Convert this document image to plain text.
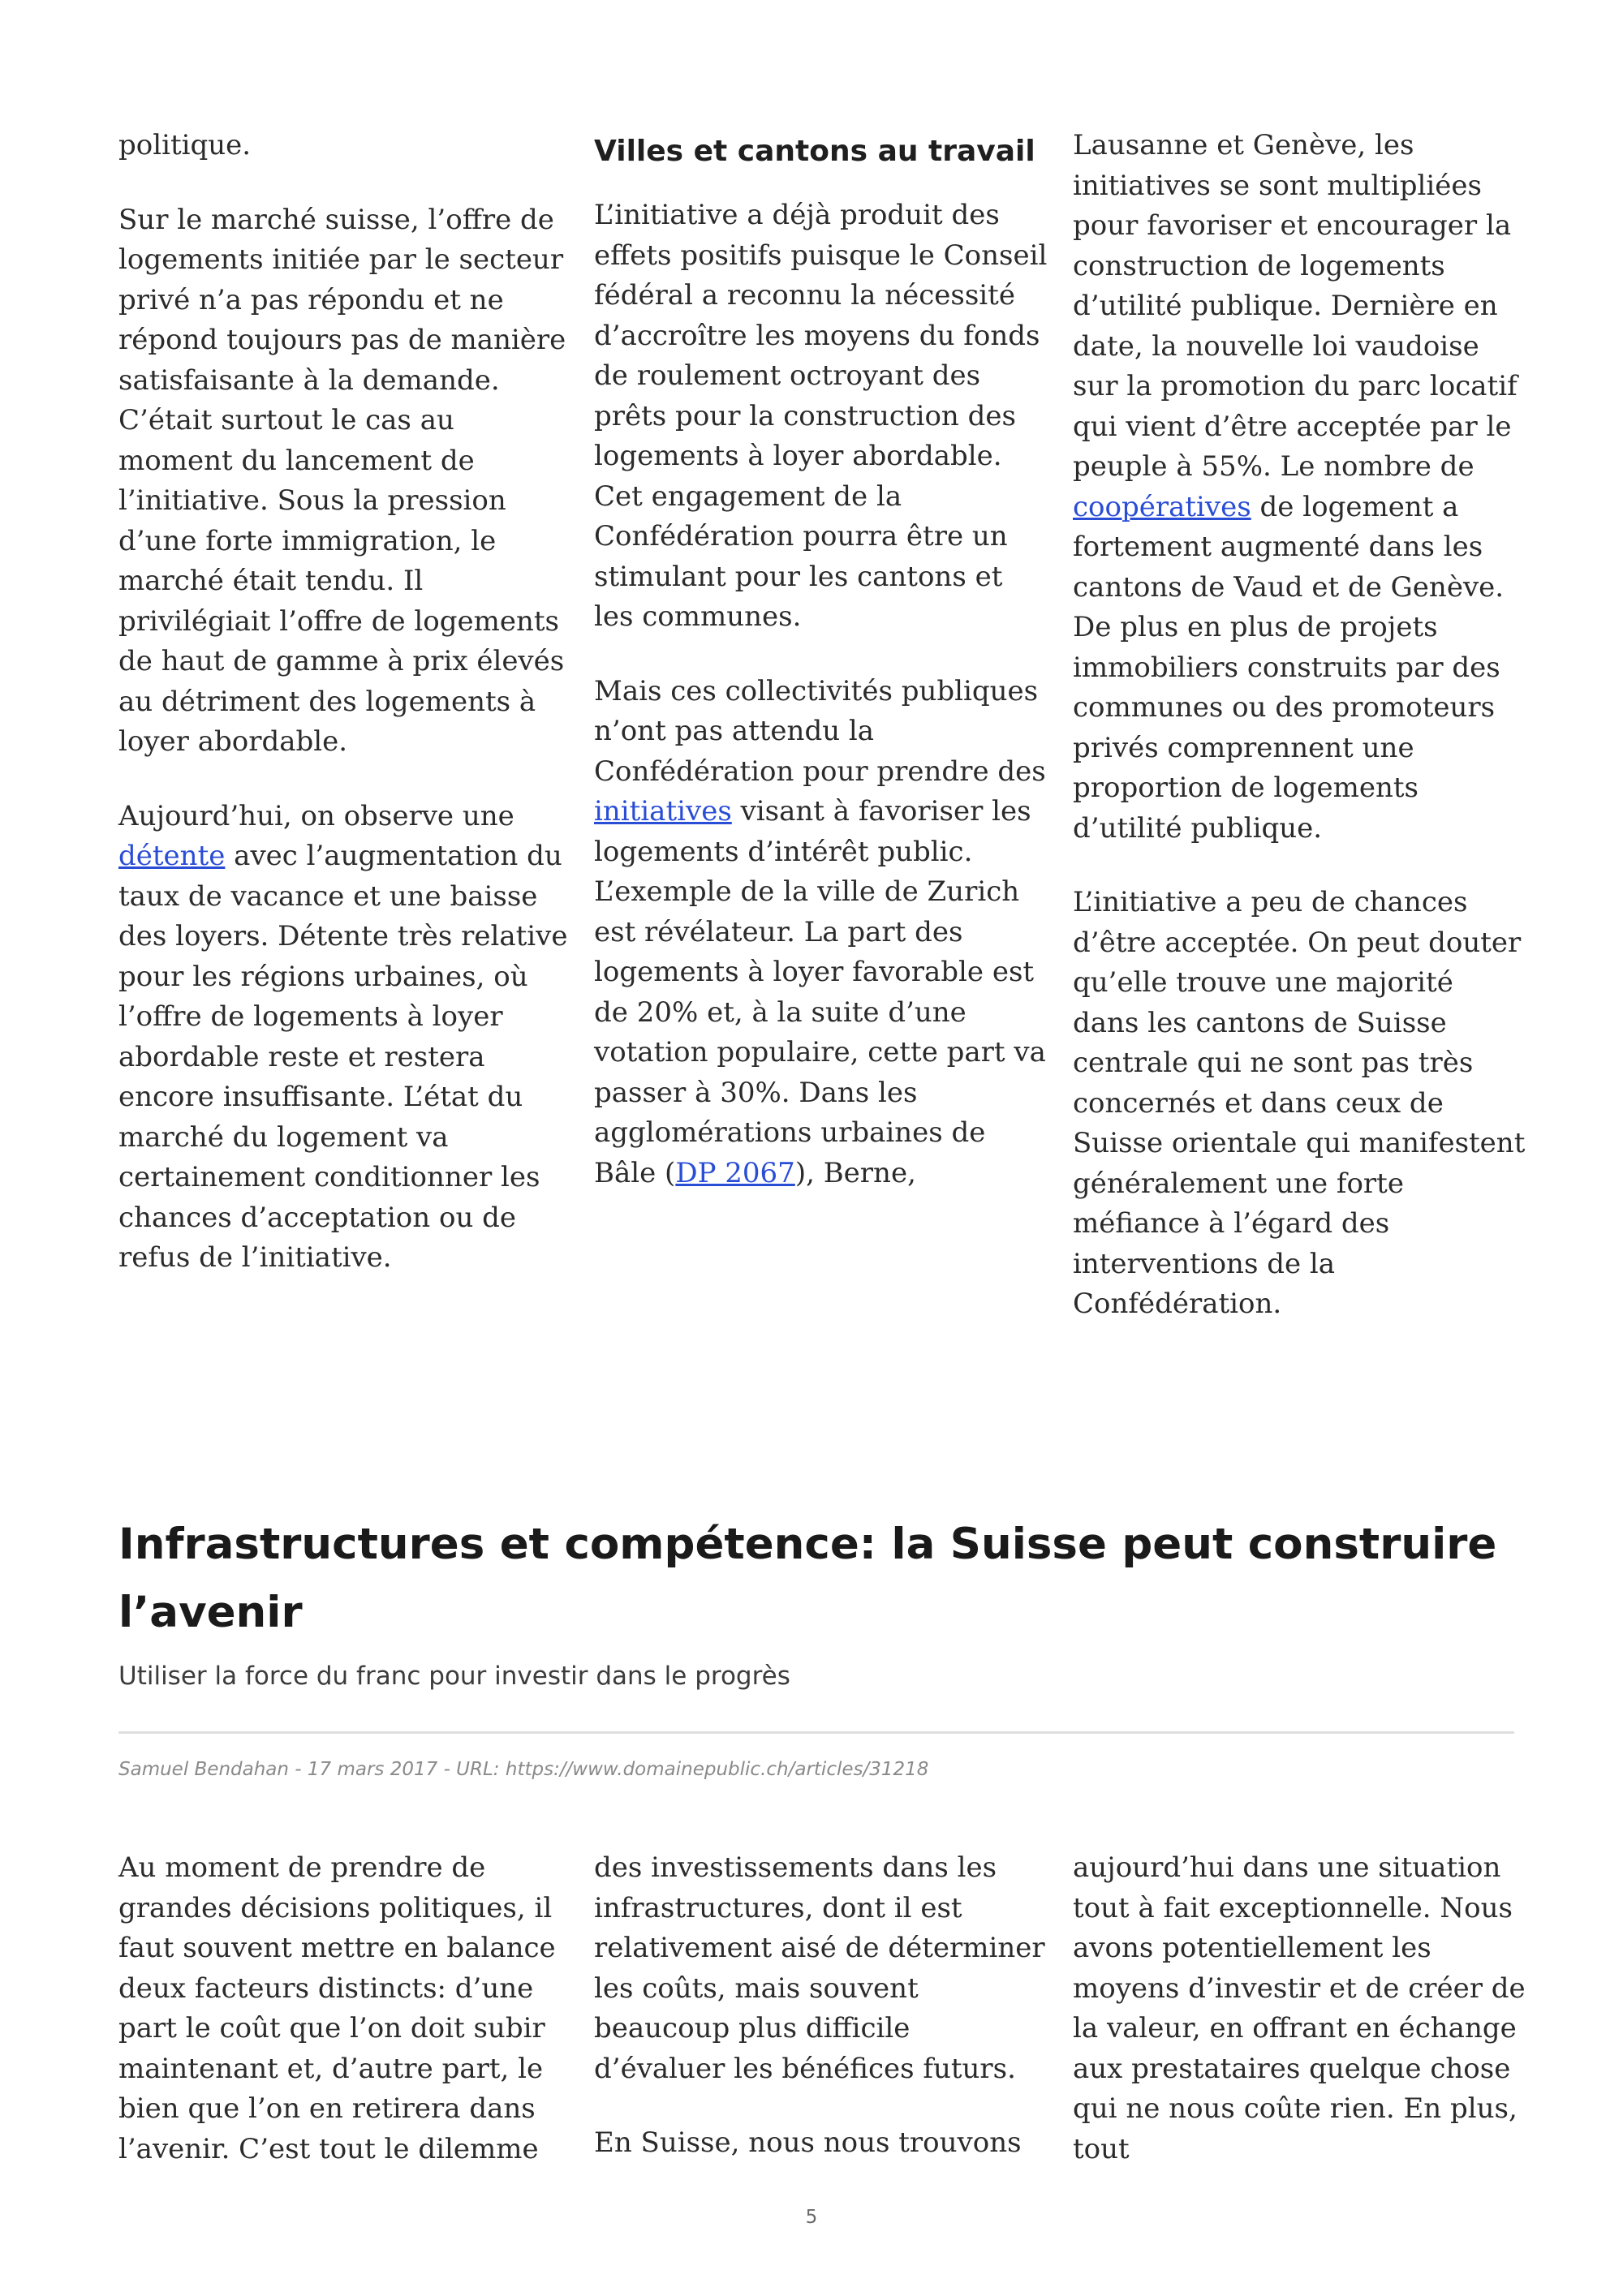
politique.

Sur le marché suisse, l’offre de logements initiée par le secteur privé n’a pas répondu et ne répond toujours pas de manière satisfaisante à la demande. C’était surtout le cas au moment du lancement de l’initiative. Sous la pression d’une forte immigration, le marché était tendu. Il privilégiait l’offre de logements de haut de gamme à prix élevés au détriment des logements à loyer abordable.

Aujourd’hui, on observe une détente avec l’augmentation du taux de vacance et une baisse des loyers. Détente très relative pour les régions urbaines, où l’offre de logements à loyer abordable reste et restera encore insuffisante. L’état du marché du logement va certainement conditionner les chances d’acceptation ou de refus de l’initiative.

Villes et cantons au travail

L’initiative a déjà produit des effets positifs puisque le Conseil fédéral a reconnu la nécessité d’accroître les moyens du fonds de roulement octroyant des prêts pour la construction des logements à loyer abordable. Cet engagement de la Confédération pourra être un stimulant pour les cantons et les communes.

Mais ces collectivités publiques n’ont pas attendu la Confédération pour prendre des initiatives visant à favoriser les logements d’intérêt public. L’exemple de la ville de Zurich est révélateur. La part des logements à loyer favorable est de 20% et, à la suite d’une votation populaire, cette part va passer à 30%. Dans les agglomérations urbaines de Bâle (DP 2067), Berne,

Lausanne et Genève, les initiatives se sont multipliées pour favoriser et encourager la construction de logements d’utilité publique. Dernière en date, la nouvelle loi vaudoise sur la promotion du parc locatif qui vient d’être acceptée par le peuple à 55%. Le nombre de coopératives de logement a fortement augmenté dans les cantons de Vaud et de Genève. De plus en plus de projets immobiliers construits par des communes ou des promoteurs privés comprennent une proportion de logements d’utilité publique.

L’initiative a peu de chances d’être acceptée. On peut douter qu’elle trouve une majorité dans les cantons de Suisse centrale qui ne sont pas très concernés et dans ceux de Suisse orientale qui manifestent généralement une forte méfiance à l’égard des interventions de la Confédération.

Infrastructures et compétence: la Suisse peut construire l’avenir
Utiliser la force du franc pour investir dans le progrès
Samuel Bendahan - 17 mars 2017 - URL: https://www.domainepublic.ch/articles/31218

Au moment de prendre de grandes décisions politiques, il faut souvent mettre en balance deux facteurs distincts: d’une part le coût que l’on doit subir maintenant et, d’autre part, le bien que l’on en retirera dans l’avenir. C’est tout le dilemme

des investissements dans les infrastructures, dont il est relativement aisé de déterminer les coûts, mais souvent beaucoup plus difficile d’évaluer les bénéfices futurs.

En Suisse, nous nous trouvons

aujourd’hui dans une situation tout à fait exceptionnelle. Nous avons potentiellement les moyens d’investir et de créer de la valeur, en offrant en échange aux prestataires quelque chose qui ne nous coûte rien. En plus, tout

5
